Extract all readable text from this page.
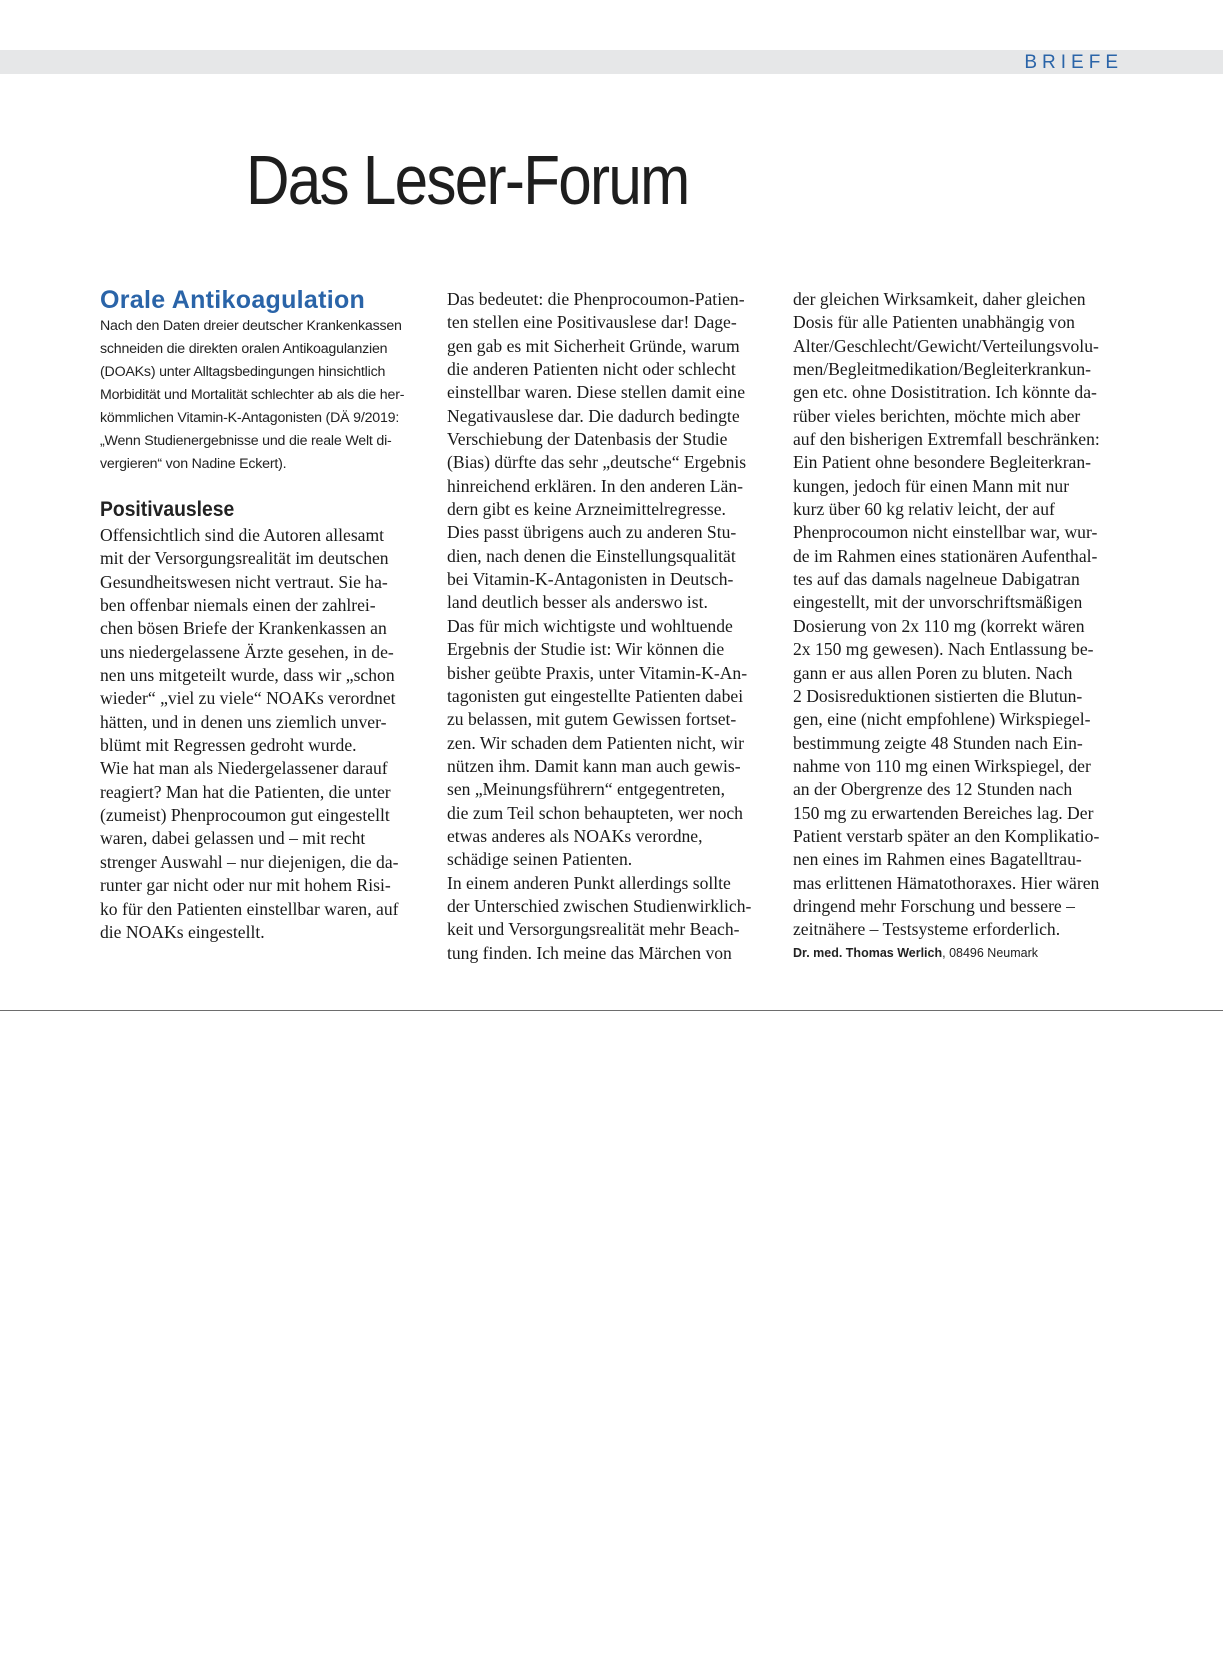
BRIEFE
Das Leser-Forum
Orale Antikoagulation
Nach den Daten dreier deutscher Krankenkassen
schneiden die direkten oralen Antikoagulanzien
(DOAKs) unter Alltagsbedingungen hinsichtlich
Morbidität und Mortalität schlechter ab als die her-
kömmlichen Vitamin-K-Antagonisten (DÄ 9/2019:
„Wenn Studienergebnisse und die reale Welt di-
vergieren“ von Nadine Eckert).
Positivauslese
Offensichtlich sind die Autoren allesamt
mit der Versorgungsrealität im deutschen
Gesundheitswesen nicht vertraut. Sie ha-
ben offenbar niemals einen der zahlrei-
chen bösen Briefe der Krankenkassen an
uns niedergelassene Ärzte gesehen, in de-
nen uns mitgeteilt wurde, dass wir „schon
wieder“ „viel zu viele“ NOAKs verordnet
hätten, und in denen uns ziemlich unver-
blümt mit Regressen gedroht wurde.
Wie hat man als Niedergelassener darauf
reagiert? Man hat die Patienten, die unter
(zumeist) Phenprocoumon gut eingestellt
waren, dabei gelassen und – mit recht
strenger Auswahl – nur diejenigen, die da-
runter gar nicht oder nur mit hohem Risi-
ko für den Patienten einstellbar waren, auf
die NOAKs eingestellt.
Das bedeutet: die Phenprocoumon-Patien-
ten stellen eine Positivauslese dar! Dage-
gen gab es mit Sicherheit Gründe, warum
die anderen Patienten nicht oder schlecht
einstellbar waren. Diese stellen damit eine
Negativauslese dar. Die dadurch bedingte
Verschiebung der Datenbasis der Studie
(Bias) dürfte das sehr „deutsche“ Ergebnis
hinreichend erklären. In den anderen Län-
dern gibt es keine Arzneimittelregresse.
Dies passt übrigens auch zu anderen Stu-
dien, nach denen die Einstellungsqualität
bei Vitamin-K-Antagonisten in Deutsch-
land deutlich besser als anderswo ist.
Das für mich wichtigste und wohltuende
Ergebnis der Studie ist: Wir können die
bisher geübte Praxis, unter Vitamin-K-An-
tagonisten gut eingestellte Patienten dabei
zu belassen, mit gutem Gewissen fortset-
zen. Wir schaden dem Patienten nicht, wir
nützen ihm. Damit kann man auch gewis-
sen „Meinungsführern“ entgegentreten,
die zum Teil schon behaupteten, wer noch
etwas anderes als NOAKs verordne,
schädige seinen Patienten.
In einem anderen Punkt allerdings sollte
der Unterschied zwischen Studienwirklich-
keit und Versorgungsrealität mehr Beach-
tung finden. Ich meine das Märchen von
der gleichen Wirksamkeit, daher gleichen
Dosis für alle Patienten unabhängig von
Alter/Geschlecht/Gewicht/Verteilungsvolu-
men/Begleitmedikation/Begleiterkrankun-
gen etc. ohne Dosistitration. Ich könnte da-
rüber vieles berichten, möchte mich aber
auf den bisherigen Extremfall beschränken:
Ein Patient ohne besondere Begleiterkran-
kungen, jedoch für einen Mann mit nur
kurz über 60 kg relativ leicht, der auf
Phenprocoumon nicht einstellbar war, wur-
de im Rahmen eines stationären Aufenthal-
tes auf das damals nagelneue Dabigatran
eingestellt, mit der unvorschriftsmäßigen
Dosierung von 2x 110 mg (korrekt wären
2x 150 mg gewesen). Nach Entlassung be-
gann er aus allen Poren zu bluten. Nach
2 Dosisreduktionen sistierten die Blutun-
gen, eine (nicht empfohlene) Wirkspiegel-
bestimmung zeigte 48 Stunden nach Ein-
nahme von 110 mg einen Wirkspiegel, der
an der Obergrenze des 12 Stunden nach
150 mg zu erwartenden Bereiches lag. Der
Patient verstarb später an den Komplikatio-
nen eines im Rahmen eines Bagatelltrau-
mas erlittenen Hämatothoraxes. Hier wären
dringend mehr Forschung und bessere –
zeitnähere – Testsysteme erforderlich.
Dr. med. Thomas Werlich, 08496 Neumark
